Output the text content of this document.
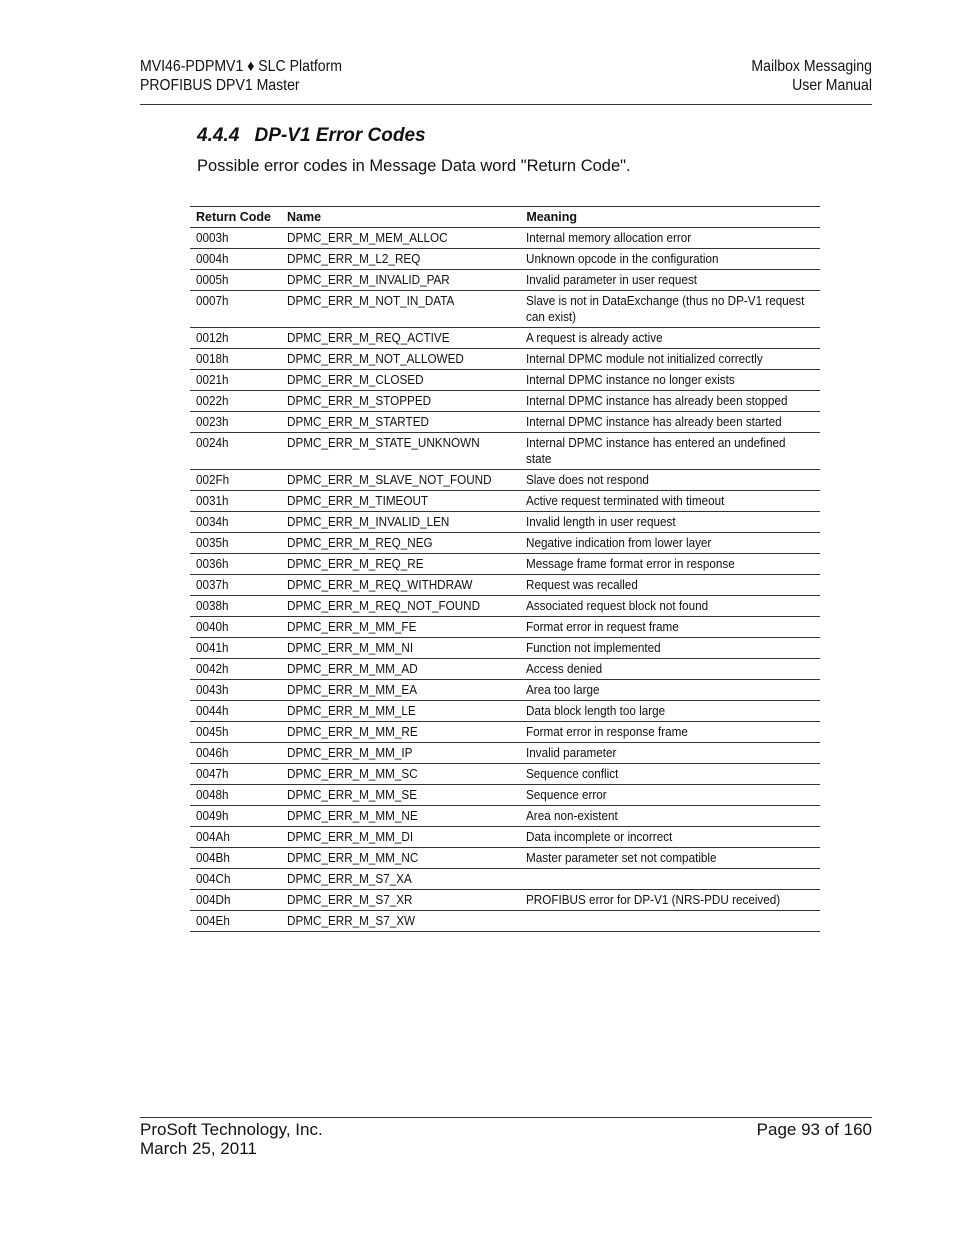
MVI46-PDPMV1 ♦ SLC Platform
PROFIBUS DPV1 Master
Mailbox Messaging
User Manual
4.4.4 DP-V1 Error Codes
Possible error codes in Message Data word "Return Code".
Return Code	Name	Meaning
0003h	DPMC_ERR_M_MEM_ALLOC	Internal memory allocation error

0004h	DPMC_ERR_M_L2_REQ	Unknown opcode in the configuration

0005h	DPMC_ERR_M_INVALID_PAR	Invalid parameter in user request

0007h	DPMC_ERR_M_NOT_IN_DATA	Slave is not in DataExchange (thus no DP-V1 request can exist)

0012h	DPMC_ERR_M_REQ_ACTIVE	A request is already active

0018h	DPMC_ERR_M_NOT_ALLOWED	Internal DPMC module not initialized correctly

0021h	DPMC_ERR_M_CLOSED	Internal DPMC instance no longer exists

0022h	DPMC_ERR_M_STOPPED	Internal DPMC instance has already been stopped

0023h	DPMC_ERR_M_STARTED	Internal DPMC instance has already been started

0024h	DPMC_ERR_M_STATE_UNKNOWN	Internal DPMC instance has entered an undefined state

002Fh	DPMC_ERR_M_SLAVE_NOT_FOUND	Slave does not respond

0031h	DPMC_ERR_M_TIMEOUT	Active request terminated with timeout

0034h	DPMC_ERR_M_INVALID_LEN	Invalid length in user request

0035h	DPMC_ERR_M_REQ_NEG	Negative indication from lower layer

0036h	DPMC_ERR_M_REQ_RE	Message frame format error in response

0037h	DPMC_ERR_M_REQ_WITHDRAW	Request was recalled

0038h	DPMC_ERR_M_REQ_NOT_FOUND	Associated request block not found

0040h	DPMC_ERR_M_MM_FE	Format error in request frame

0041h	DPMC_ERR_M_MM_NI	Function not implemented

0042h	DPMC_ERR_M_MM_AD	Access denied

0043h	DPMC_ERR_M_MM_EA	Area too large

0044h	DPMC_ERR_M_MM_LE	Data block length too large

0045h	DPMC_ERR_M_MM_RE	Format error in response frame

0046h	DPMC_ERR_M_MM_IP	Invalid parameter

0047h	DPMC_ERR_M_MM_SC	Sequence conflict

0048h	DPMC_ERR_M_MM_SE	Sequence error

0049h	DPMC_ERR_M_MM_NE	Area non-existent

004Ah	DPMC_ERR_M_MM_DI	Data incomplete or incorrect

004Bh	DPMC_ERR_M_MM_NC	Master parameter set not compatible

004Ch	DPMC_ERR_M_S7_XA	

004Dh	DPMC_ERR_M_S7_XR	PROFIBUS error for DP-V1 (NRS-PDU received)

004Eh	DPMC_ERR_M_S7_XW	
ProSoft Technology, Inc.
March 25, 2011
Page 93 of 160
